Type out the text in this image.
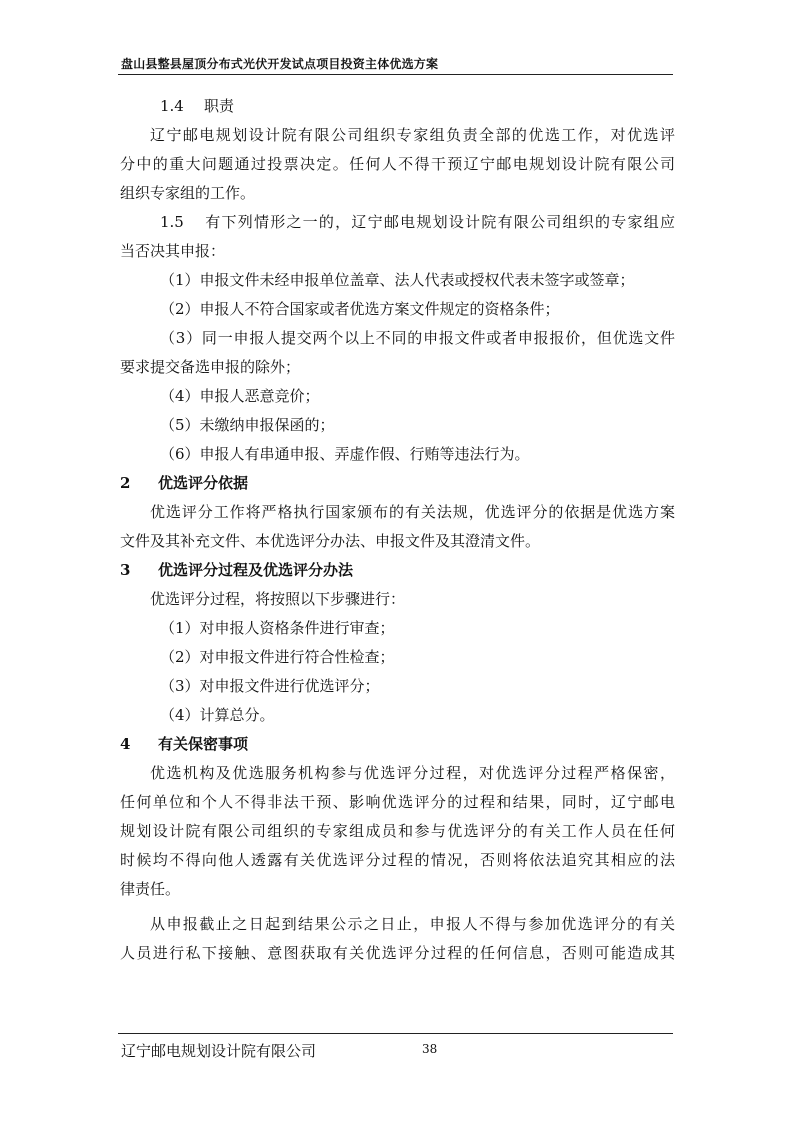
盘山县整县屋顶分布式光伏开发试点项目投资主体优选方案
1.4 职责
辽宁邮电规划设计院有限公司组织专家组负责全部的优选工作，对优选评
分中的重大问题通过投票决定。任何人不得干预辽宁邮电规划设计院有限公司
组织专家组的工作。
1.5 有下列情形之一的，辽宁邮电规划设计院有限公司组织的专家组应
当否决其申报：
（1）申报文件未经申报单位盖章、法人代表或授权代表未签字或签章；
（2）申报人不符合国家或者优选方案文件规定的资格条件；
（3）同一申报人提交两个以上不同的申报文件或者申报报价，但优选文件
要求提交备选申报的除外；
（4）申报人恶意竞价；
（5）未缴纳申报保函的；
（6）申报人有串通申报、弄虚作假、行贿等违法行为。
2 优选评分依据
优选评分工作将严格执行国家颁布的有关法规，优选评分的依据是优选方案
文件及其补充文件、本优选评分办法、申报文件及其澄清文件。
3 优选评分过程及优选评分办法
优选评分过程，将按照以下步骤进行：
（1）对申报人资格条件进行审查；
（2）对申报文件进行符合性检查；
（3）对申报文件进行优选评分；
（4）计算总分。
4 有关保密事项
优选机构及优选服务机构参与优选评分过程，对优选评分过程严格保密，
任何单位和个人不得非法干预、影响优选评分的过程和结果，同时，辽宁邮电
规划设计院有限公司组织的专家组成员和参与优选评分的有关工作人员在任何
时候均不得向他人透露有关优选评分过程的情况，否则将依法追究其相应的法
律责任。
从申报截止之日起到结果公示之日止，申报人不得与参加优选评分的有关
人员进行私下接触、意图获取有关优选评分过程的任何信息，否则可能造成其
辽宁邮电规划设计院有限公司	38
